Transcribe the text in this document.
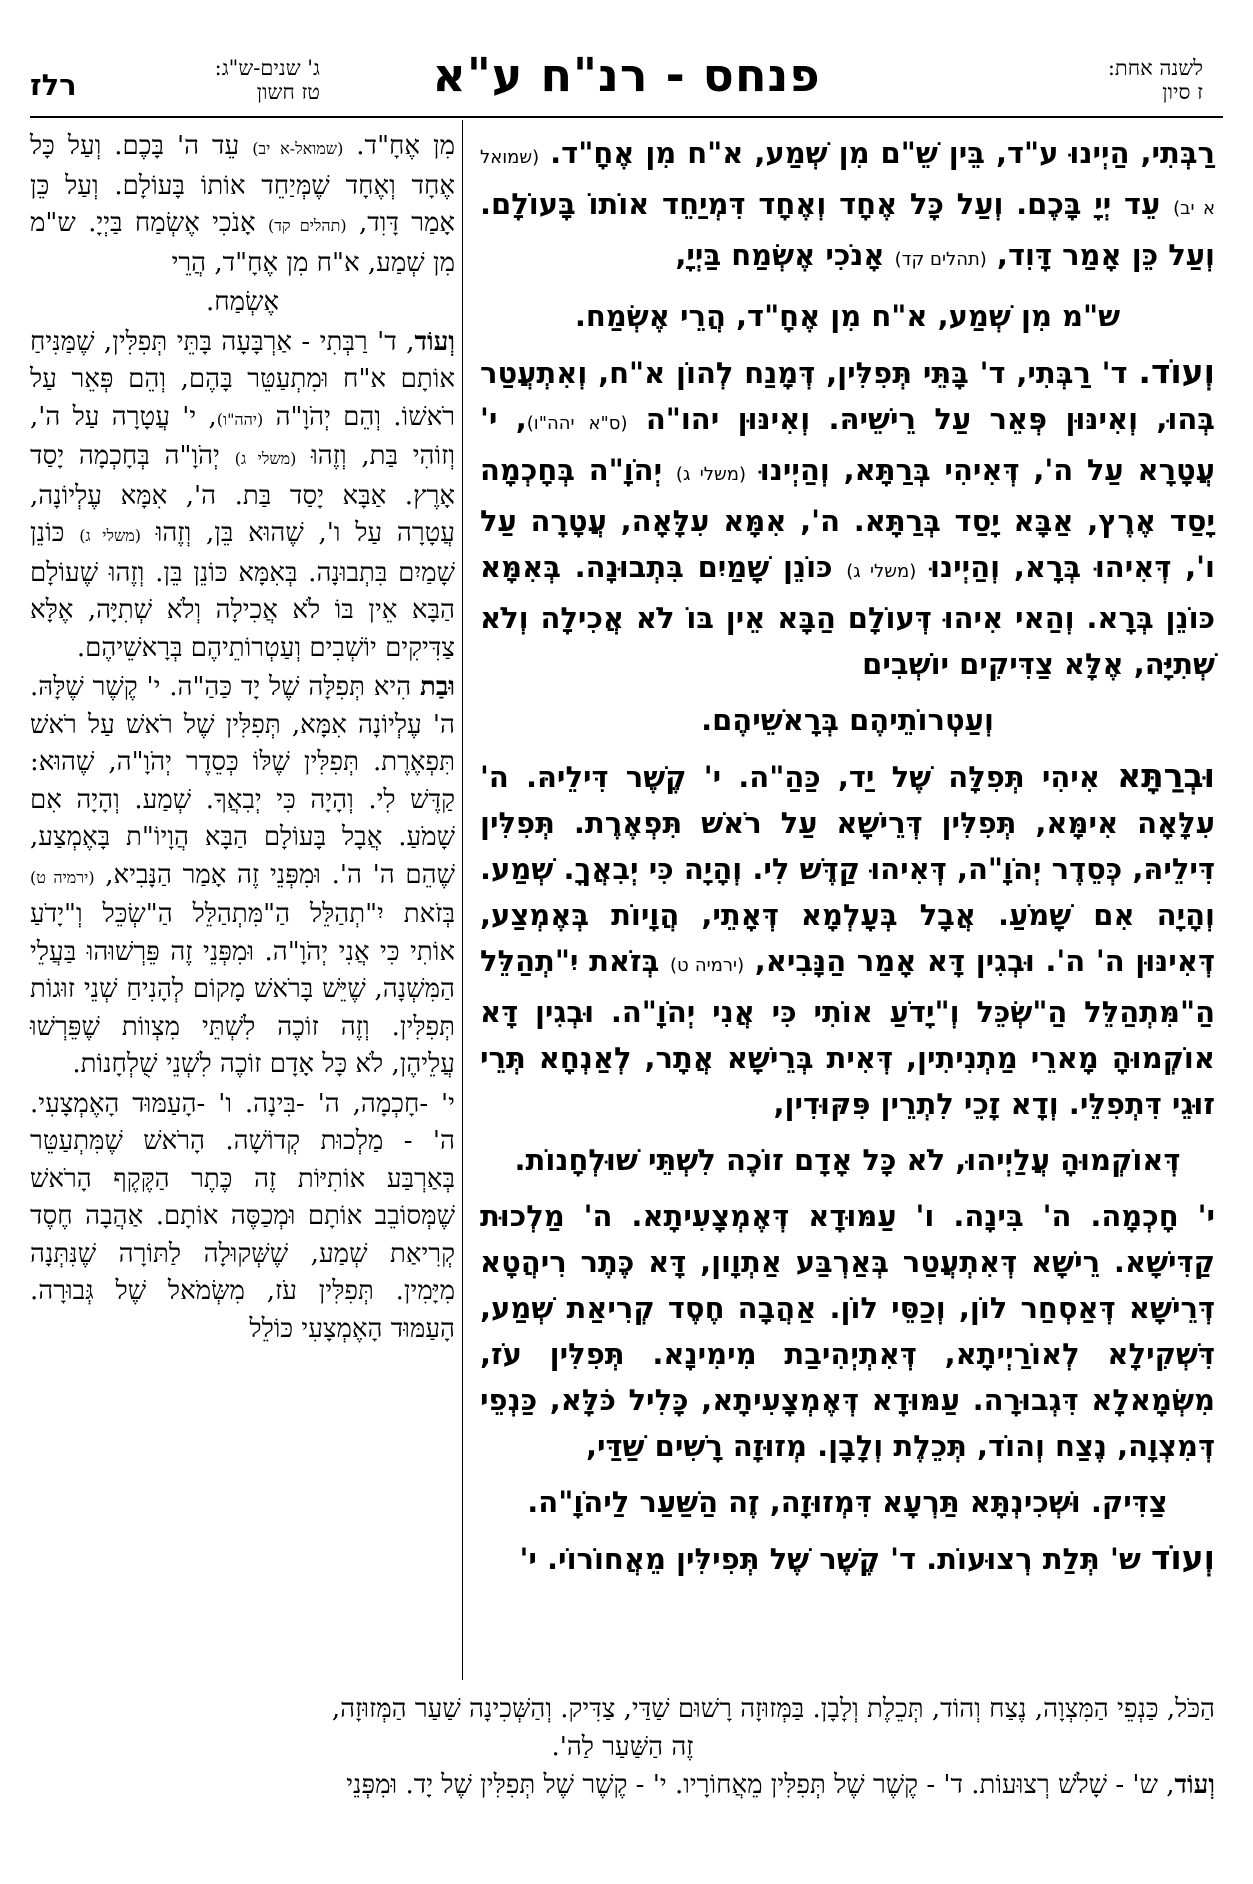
רלז	ג' שנים-ש"ג:
טז חשון	פנחס - רנ"ח ע"א	לשנה אחת:
ז סיון

רַבְּתִי, הַיְינוּ ע"ד, בֵּין שֵׁ"ם מִן שְׁמַע, א"ח מִן אֶחָ"ד. (שמואל א יב) עֵד יְיָ בָּכֶם. וְעַל כָּל אֶחָד וְאֶחָד דִּמְיַחֵד אוֹתוֹ בָּעוֹלָם. וְעַל כֵּן אָמַר דָּוִד, (תהלים קד) אָנֹכִי אֶשְׂמַח בַּיְיָ,

ש"מ מִן שְׁמַע, א"ח מִן אֶחָ"ד, הֲרֵי אֶשְׂמַח.

וְעוֹד. ד' רַבְּתִי, ד' בָּתֵּי תְּפִלִּין, דְּמָנַח לְהוֹן א"ח, וְאִתְעֲטַר בְּהוּ, וְאִינּוּן פְּאֵר עַל רֵישֵׁיהּ. וְאִינּוּן יהו"ה (ס"א יהה"ו), י' עֲטָרָא עַל ה', דְּאִיהִי בְּרַתָּא, וְהַיְינוּ (משלי ג) יְהֹוָ"ה בְּחָכְמָה יָסַד אֶרֶץ, אַבָּא יָסַד בְּרַתָּא. ה', אִמָּא עִלָּאָה, עֲטָרָה עַל ו', דְּאִיהוּ בְּרָא, וְהַיְינוּ (משלי ג) כּוֹנֵן שָׁמַיִם בִּתְבוּנָה. בְּאִמָּא כּוֹנֵן בְּרָא. וְהַאי אִיהוּ דְּעוֹלָם הַבָּא אֵין בּוֹ לֹא אֲכִילָה וְלֹא שְׁתִיָּה, אֶלָּא צַדִּיקִים יוֹשְׁבִים

וְעַטְרוֹתֵיהֶם בְּרָאשֵׁיהֶם.

וּבְרַתָּא אִיהִי תְּפִלָּה שֶׁל יַד, כַּהַ"ה. י' קֶשֶׁר דִּילֵיהּ. ה' עִלָּאָה אִימָּא, תְּפִלִּין דְּרֵישָׁא עַל רֹאשׁ תִּפְאֶרֶת. תְּפִלִּין דִּילֵיהּ, כְּסֵדֶר יְהֹוָ"ה, דְּאִיהוּ קַדֶּשׁ לִי. וְהָיָה כִּי יְבִאֲךָ. שְׁמַע. וְהָיָה אִם שָׁמֹעַ. אֲבָל בְּעָלְמָא דְּאָתֵי, הֲוָיוֹת בְּאֶמְצַע, דְּאִינּוּן ה' ה'. וּבְגִין דָּא אָמַר הַנָּבִיא, (ירמיה ט) בְּזֹאת יִ"תְהַלֵּל הַ"מִּתְהַלֵּל הַ"שְׂכֵּל וְ"יָדֹעַ אוֹתִי כִּי אֲנִי יְהֹוָ"ה. וּבְגִין דָּא אוֹקְמוּהָ מָארֵי מַתְנִיתִין, דְּאִית בְּרֵישָׁא אֲתָר, לְאַנְחָא תְּרֵי זוּגֵי דִּתְפִלֵּי. וְדָא זָכֵי לִתְרֵין פִּקּוּדִין,

דְּאוֹקְמוּהָ עֲלַיְיהוּ, לֹא כָּל אָדָם זוֹכֶה לִשְׁתֵּי שׁוּלְחָנוֹת.

י' חָכְמָה. ה' בִּינָה. ו' עַמּוּדָא דְּאֶמְצָעִיתָא. ה' מַלְכוּת קַדִּישָׁא. רֵישָׁא דְּאִתְעֲטַר בְּאַרְבַּע אַתְוָון, דָּא כֶּתֶר רִיהֲטָא דְּרֵישָׁא דְּאַסְחַר לוֹן, וְכַסֵּי לוֹן. אַהֲבָה חֶסֶד קְרִיאַת שְׁמַע, דִּשְׁקִילָא לְאוֹרַיְיתָא, דְּאִתְיְהִיבַת מִימִינָא. תְּפִלִּין עֹז, מִשְּׂמָאלָא דִּגְבוּרָה. עַמּוּדָא דְּאֶמְצָעִיתָא, כָּלִיל כֹּלָּא, כַּנְפֵי דְּמִצְוָה, נֶצַח וְהוֹד, תְּכֵלֶת וְלָבָן. מְזוּזָה רָשִׁים שַׁדַּי,

צַדִּיק. וּשְׁכִינְתָּא תַּרְעָא דִּמְזוּזָה, זֶה הַשַּׁעַר לַיהֹוָ"ה.

וְעוֹד ש' תְּלַת רְצוּעוֹת. ד' קֶשֶׁר שֶׁל תְּפִילִּין מֵאֲחוֹרוֹי. י'

מִן אֶחָ"ד. (שמואל-א יב) עֵד ה' בָּכֶם. וְעַל כָּל אֶחָד וְאֶחָד שֶׁמְּיַחֵד אוֹתוֹ בָּעוֹלָם. וְעַל כֵּן אָמַר דָּוִד, (תהלים קד) אָנֹכִי אֶשְׂמַח בַּיְיָ. ש"מ מִן שְׁמַע, א"ח מִן אֶחָ"ד, הֲרֵי

אֶשְׂמַח.

וְעוֹד, ד' רַבְּתִי - אַרְבָּעָה בָּתֵּי תְּפִלִּין, שֶׁמַּנִּיחַ אוֹתָם א"ח וּמִתְעַטֵּר בָּהֶם, וְהֵם פְּאֵר עַל רֹאשׁוֹ. וְהֵם יְהֹוָ"ה (יהה"ו), י' עֲטָרָה עַל ה', וְזוֹהִי בַּת, וְזֶהוּ (משלי ג) יְהֹוָ"ה בְּחָכְמָה יָסַד אָרֶץ. אַבָּא יָסַד בַּת. ה', אִמָּא עֶלְיוֹנָה, עֲטָרָה עַל ו', שֶׁהוּא בֵּן, וְזֶהוּ (משלי ג) כּוֹנֵן שָׁמַיִם בִּתְבוּנָה. בְּאִמָּא כּוֹנֵן בֵּן. וְזֶהוּ שֶׁעוֹלָם הַבָּא אֵין בּוֹ לֹא אֲכִילָה וְלֹא שְׁתִיָּה, אֶלָּא צַדִּיקִים יוֹשְׁבִים וְעַטְרוֹתֵיהֶם בְּרָאשֵׁיהֶם.

וּבַת הִיא תְּפִלָּה שֶׁל יָד כַּהַ"ה. י' קֶשֶׁר שֶׁלָּהּ. ה' עֶלְיוֹנָה אִמָּא, תְּפִלִּין שֶׁל רֹאשׁ עַל רֹאשׁ תִּפְאֶרֶת. תְּפִלִּין שֶׁלּוֹ כְּסֵדֶר יְהֹוָ"ה, שֶׁהוּא: קַדֶּשׁ לִי. וְהָיָה כִּי יְבִאֲךָ. שְׁמַע. וְהָיָה אִם שָׁמֹעַ. אֲבָל בָּעוֹלָם הַבָּא הֲוָיוֹ"ת בָּאֶמְצַע, שֶׁהֵם ה' ה'. וּמִפְּנֵי זֶה אָמַר הַנָּבִיא, (ירמיה ט) בְּזֹאת יִ"תְהַלֵּל הַ"מִּתְהַלֵּל הַ"שְׂכֵּל וְ"יָדֹעַ אוֹתִי כִּי אֲנִי יְהֹוָ"ה. וּמִפְּנֵי זֶה פֵּרְשׁוּהוּ בַּעֲלֵי הַמִּשְׁנָה, שֶׁיֵּשׁ בָּרֹאשׁ מָקוֹם לְהָנִיחַ שְׁנֵי זוּגוֹת תְּפִלִּין. וְזֶה זוֹכֶה לִשְׁתֵּי מִצְווֹת שֶׁפֵּרְשׁוּ עֲלֵיהֶן, לֹא כָּל אָדָם זוֹכֶה לִשְׁנֵי שֻׁלְחָנוֹת.

י' -חָכְמָה, ה' -בִּינָה. ו' -הָעַמּוּד הָאֶמְצָעִי. ה' - מַלְכוּת קְדוֹשָׁה. הָרֹאשׁ שֶׁמִּתְעַטֵּר בְּאַרְבַּע אוֹתִיּוֹת זֶה כֶּתֶר הַקֶּקֶף הָרֹאשׁ שֶׁמְּסוֹבֵב אוֹתָם וּמְכַסֶּה אוֹתָם. אַהֲבָה חֶסֶד קְרִיאַת שְׁמַע, שֶׁשְּׁקוּלָה לַתּוֹרָה שֶׁנִּתְּנָה מִיָּמִין. תְּפִלִּין עֹז, מִשְּׂמֹאל שֶׁל גְּבוּרָה. הָעַמּוּד הָאֶמְצָעִי כּוֹלֵל

הַכֹּל, כַּנְפֵי הַמִּצְוָה, נֶצַח וְהוֹד, תְּכֵלֶת וְלָבָן. בַּמְּזוּזָה רָשׁוּם שַׁדַּי, צַדִּיק. וְהַשְּׁכִינָה שַׁעַר הַמְּזוּזָה,

זֶה הַשַּׁעַר לַה'.

וְעוֹד, ש' - שָׁלֹשׁ רְצוּעוֹת. ד' - קֶשֶׁר שֶׁל תְּפִלִּין מֵאֲחוֹרָיו. י' - קֶשֶׁר שֶׁל תְּפִלִּין שֶׁל יָד. וּמִפְּנֵי
